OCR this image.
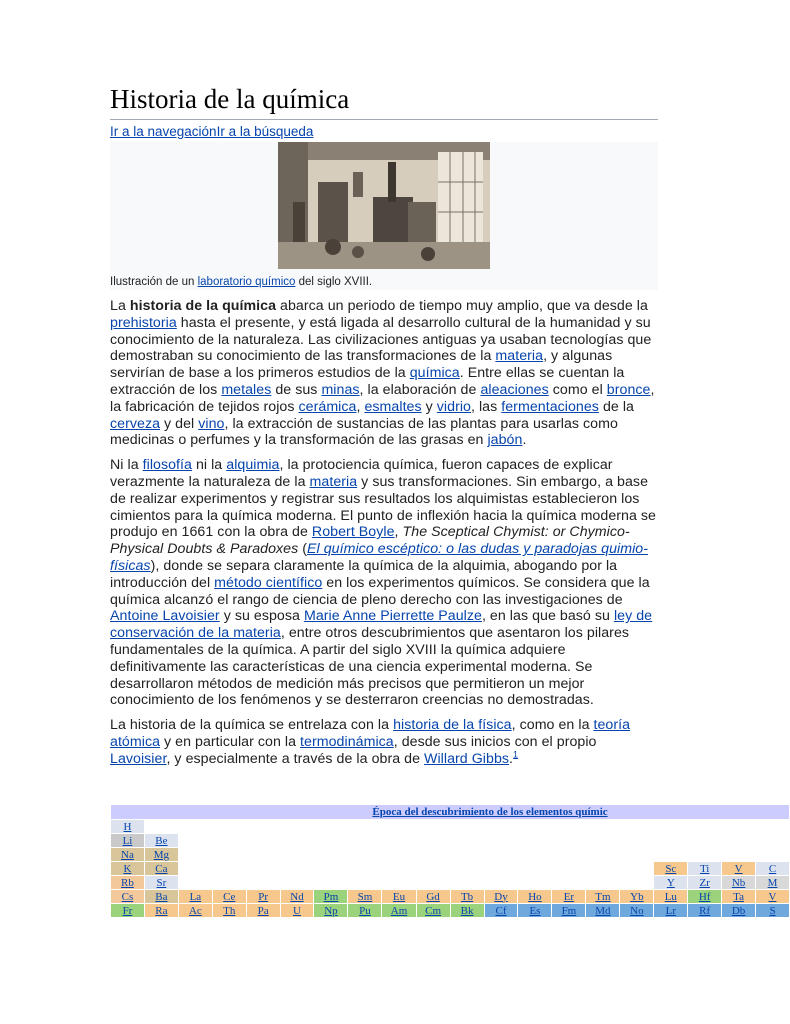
Historia de la química
Ir a la navegaciónIr a la búsqueda
Ilustración de un laboratorio químico del siglo XVIII.

La historia de la química abarca un periodo de tiempo muy amplio, que va desde la prehistoria hasta el presente, y está ligada al desarrollo cultural de la humanidad y su conocimiento de la naturaleza. Las civilizaciones antiguas ya usaban tecnologías que demostraban su conocimiento de las transformaciones de la materia, y algunas servirían de base a los primeros estudios de la química. Entre ellas se cuentan la extracción de los metales de sus minas, la elaboración de aleaciones como el bronce, la fabricación de tejidos rojos cerámica, esmaltes y vidrio, las fermentaciones de la cerveza y del vino, la extracción de sustancias de las plantas para usarlas como medicinas o perfumes y la transformación de las grasas en jabón.

Ni la filosofía ni la alquimia, la protociencia química, fueron capaces de explicar verazmente la naturaleza de la materia y sus transformaciones. Sin embargo, a base de realizar experimentos y registrar sus resultados los alquimistas establecieron los cimientos para la química moderna. El punto de inflexión hacia la química moderna se produjo en 1661 con la obra de Robert Boyle, The Sceptical Chymist: or Chymico-Physical Doubts & Paradoxes (El químico escéptico: o las dudas y paradojas quimio-físicas), donde se separa claramente la química de la alquimia, abogando por la introducción del método científico en los experimentos químicos. Se considera que la química alcanzó el rango de ciencia de pleno derecho con las investigaciones de Antoine Lavoisier y su esposa Marie Anne Pierrette Paulze, en las que basó su ley de conservación de la materia, entre otros descubrimientos que asentaron los pilares fundamentales de la química. A partir del siglo XVIII la química adquiere definitivamente las características de una ciencia experimental moderna. Se desarrollaron métodos de medición más precisos que permitieron un mejor conocimiento de los fenómenos y se desterraron creencias no demostradas.

La historia de la química se entrelaza con la historia de la física, como en la teoría atómica y en particular con la termodinámica, desde sus inicios con el propio Lavoisier, y especialmente a través de la obra de Willard Gibbs.$^1$

Época del descubrimiento de los elementos químic																			
H																			
Li	Be																		
Na	Mg																		
K	Ca															Sc	Ti	V	C
Rb	Sr															Y	Zr	Nb	M
Cs	Ba	La	Ce	Pr	Nd	Pm	Sm	Eu	Gd	Tb	Dy	Ho	Er	Tm	Yb	Lu	Hf	Ta	V
Fr	Ra	Ac	Th	Pa	U	Np	Pu	Am	Cm	Bk	Cf	Es	Fm	Md	No	Lr	Rf	Db	S
